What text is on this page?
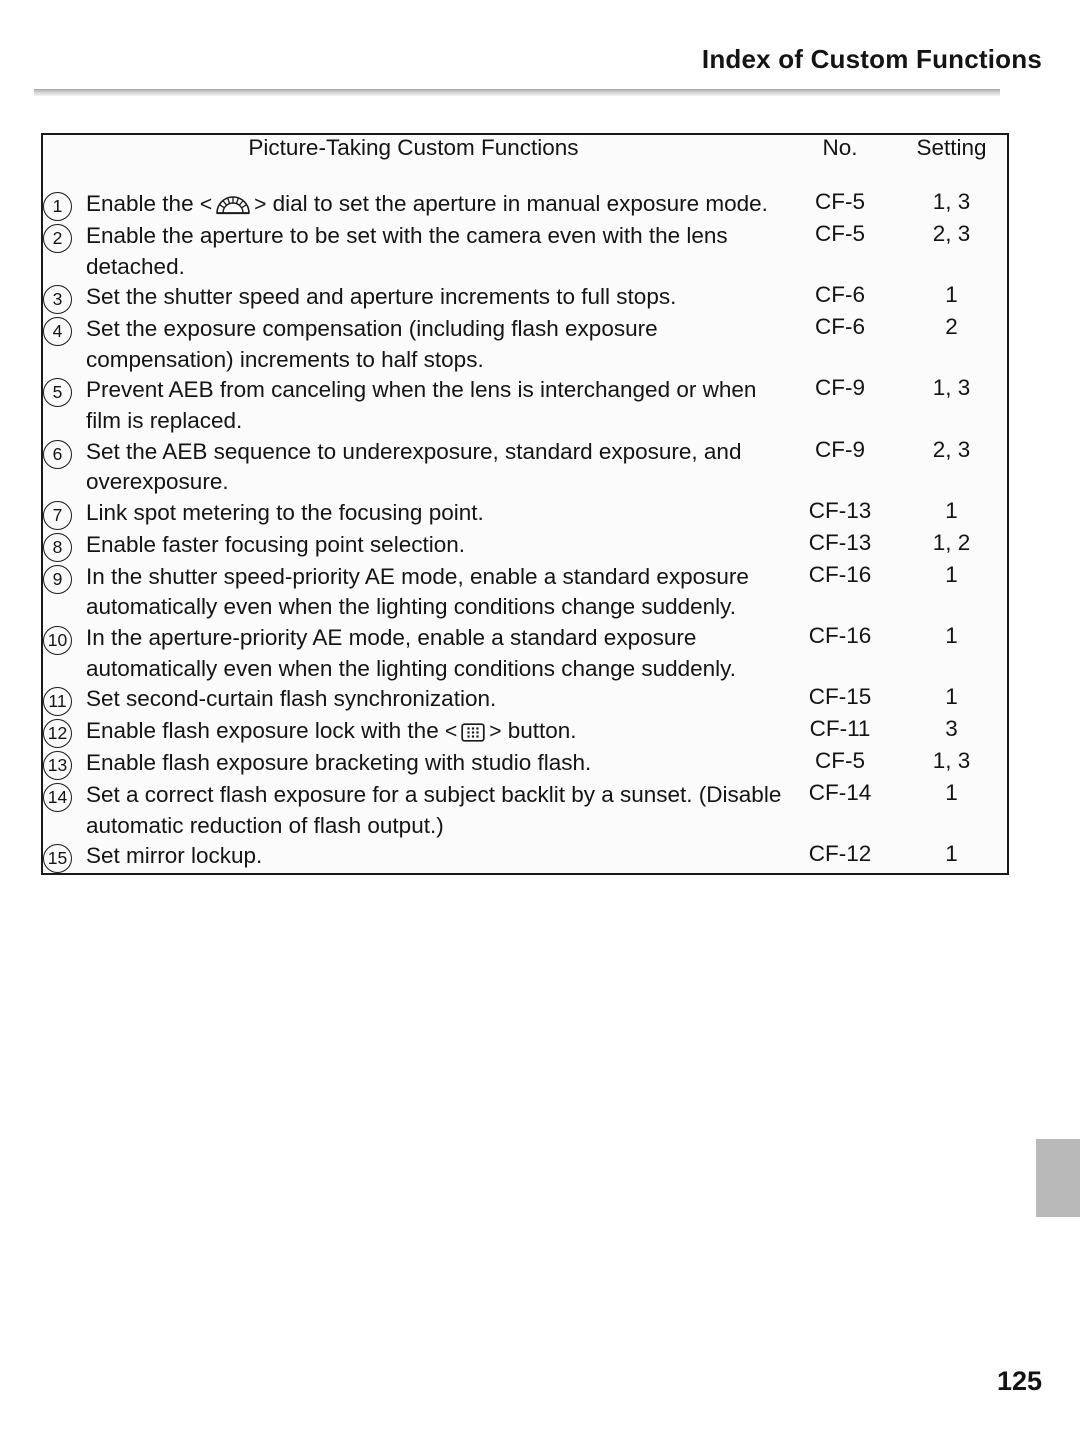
Index of Custom Functions
Picture-Taking Custom Functions	No.	Setting

1 Enable the < > dial to set the aperture in manual exposure mode.	CF-5	1, 3

2 Enable the aperture to be set with the camera even with the lens detached.	CF-5	2, 3

3 Set the shutter speed and aperture increments to full stops.	CF-6	1

4 Set the exposure compensation (including flash exposure compensation) increments to half stops.	CF-6	2

5 Prevent AEB from canceling when the lens is interchanged or when film is replaced.	CF-9	1, 3

6 Set the AEB sequence to underexposure, standard exposure, and overexposure.	CF-9	2, 3

7 Link spot metering to the focusing point.	CF-13	1

8 Enable faster focusing point selection.	CF-13	1, 2

9 In the shutter speed-priority AE mode, enable a standard exposure automatically even when the lighting conditions change suddenly.	CF-16	1

10 In the aperture-priority AE mode, enable a standard exposure automatically even when the lighting conditions change suddenly.	CF-16	1

11 Set second-curtain flash synchronization.	CF-15	1

12 Enable flash exposure lock with the < > button.	CF-11	3

13 Enable flash exposure bracketing with studio flash.	CF-5	1, 3

14 Set a correct flash exposure for a subject backlit by a sunset. (Disable automatic reduction of flash output.)	CF-14	1

15 Set mirror lockup.	CF-12	1
125
